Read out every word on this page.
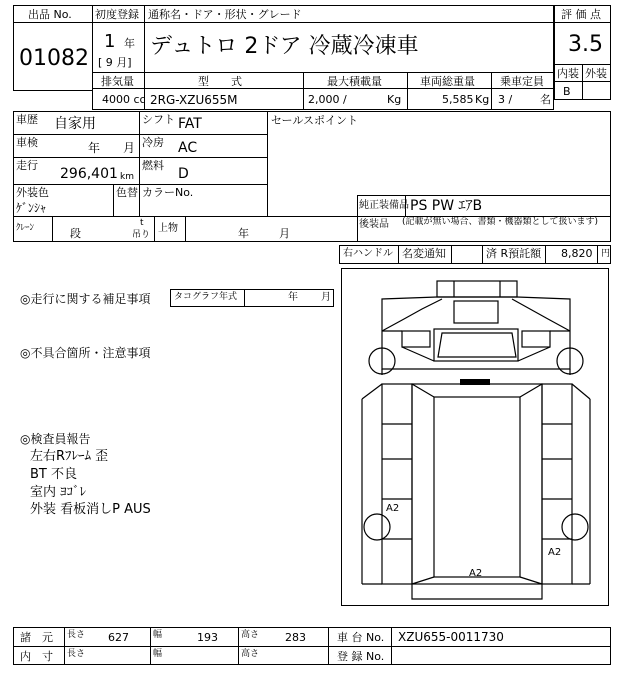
出品 No.
01082
初度登録 通称名・ドア・形状・グレード
1 年
[ 9 月]
デュトロ 2ドア 冷蔵冷凍車
評 価 点
3.5
内装 外装
B
排気量	型　　式	最大積載量	車両総重量 乗車定員
4000 cc 2RG-XZU655M	2,000 /	Kg	5,585 Kg 3 /	名
車歴 自家用	シフト FAT
車検	年 月 冷房 AC
走行
296,401 km
燃料
D
外装色
ｹﾞﾝｼｬ
色替 カラーNo.
セールスポイント
純正装備品 PS PW ｴｱB
後装品 (記載が無い場合、書類・機器類として扱います)
ｸﾚｰﾝ	段
t
吊り
上物	年	月
右ハンドル 名変通知	済 R預託額 8,820 円
◎走行に関する補足事項	タコグラフ年式	年 月
◎不具合箇所・注意事項
◎検査員報告
左右Rﾌﾚｰﾑ 歪
BT 不良
室内 ﾖｺﾞﾚ
外装 看板消しP AUS	A2
A2
A2
諸　元 長さ 627	幅	193	高さ 283	車 台 No. XZU655-0011730
内　寸 長さ	幅	高さ	登 録 No.
